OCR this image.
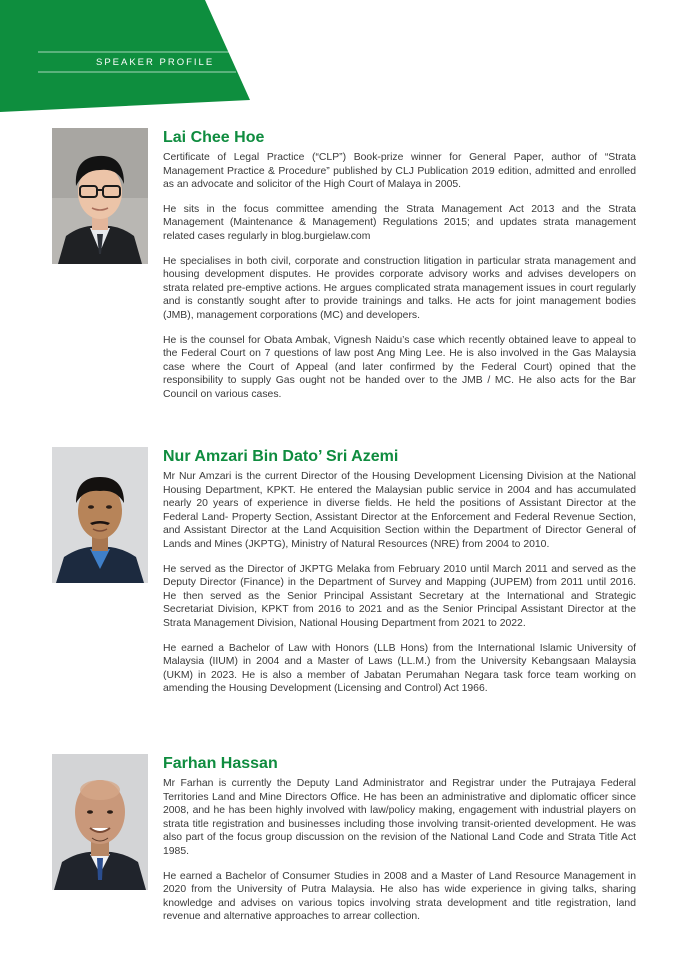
SPEAKER PROFILE
Lai Chee Hoe

Certificate of Legal Practice (“CLP”) Book-prize winner for General Paper, author of “Strata Management Practice & Procedure” published by CLJ Publication 2019 edition, admitted and enrolled as an advocate and solicitor of the High Court of Malaya in 2005.

He sits in the focus committee amending the Strata Management Act 2013 and the Strata Management (Maintenance & Management) Regulations 2015; and updates strata management related cases regularly in blog.burgielaw.com

He specialises in both civil, corporate and construction litigation in particular strata management and housing development disputes. He provides corporate advisory works and advises developers on strata related pre-emptive actions. He argues complicated strata management issues in court regularly and is constantly sought after to provide trainings and talks. He acts for joint management bodies (JMB), management corporations (MC) and developers.

He is the counsel for Obata Ambak, Vignesh Naidu’s case which recently obtained leave to appeal to the Federal Court on 7 questions of law post Ang Ming Lee. He is also involved in the Gas Malaysia case where the Court of Appeal (and later confirmed by the Federal Court) opined that the responsibility to supply Gas ought not be handed over to the JMB / MC. He also acts for the Bar Council on various cases.

Nur Amzari Bin Dato’ Sri Azemi

Mr Nur Amzari is the current Director of the Housing Development Licensing Division at the National Housing Department, KPKT. He entered the Malaysian public service in 2004 and has accumulated nearly 20 years of experience in diverse fields. He held the positions of Assistant Director at the Federal Land- Property Section, Assistant Director at the Enforcement and Federal Revenue Section, and Assistant Director at the Land Acquisition Section within the Department of Director General of Lands and Mines (JKPTG), Ministry of Natural Resources (NRE) from 2004 to 2010.

He served as the Director of JKPTG Melaka from February 2010 until March 2011 and served as the Deputy Director (Finance) in the Department of Survey and Mapping (JUPEM) from 2011 until 2016. He then served as the Senior Principal Assistant Secretary at the International and Strategic Secretariat Division, KPKT from 2016 to 2021 and as the Senior Principal Assistant Director at the Strata Management Division, National Housing Department from 2021 to 2022.

He earned a Bachelor of Law with Honors (LLB Hons) from the International Islamic University of Malaysia (IIUM) in 2004 and a Master of Laws (LL.M.) from the University Kebangsaan Malaysia (UKM) in 2023. He is also a member of Jabatan Perumahan Negara task force team working on amending the Housing Development (Licensing and Control) Act 1966.

Farhan Hassan

Mr Farhan is currently the Deputy Land Administrator and Registrar under the Putrajaya Federal Territories Land and Mine Directors Office. He has been an administrative and diplomatic officer since 2008, and he has been highly involved with law/policy making, engagement with industrial players on strata title registration and businesses including those involving transit-oriented development. He was also part of the focus group discussion on the revision of the National Land Code and Strata Title Act 1985.

He earned a Bachelor of Consumer Studies in 2008 and a Master of Land Resource Management in 2020 from the University of Putra Malaysia. He also has wide experience in giving talks, sharing knowledge and advises on various topics involving strata development and title registration, land revenue and alternative approaches to arrear collection.
